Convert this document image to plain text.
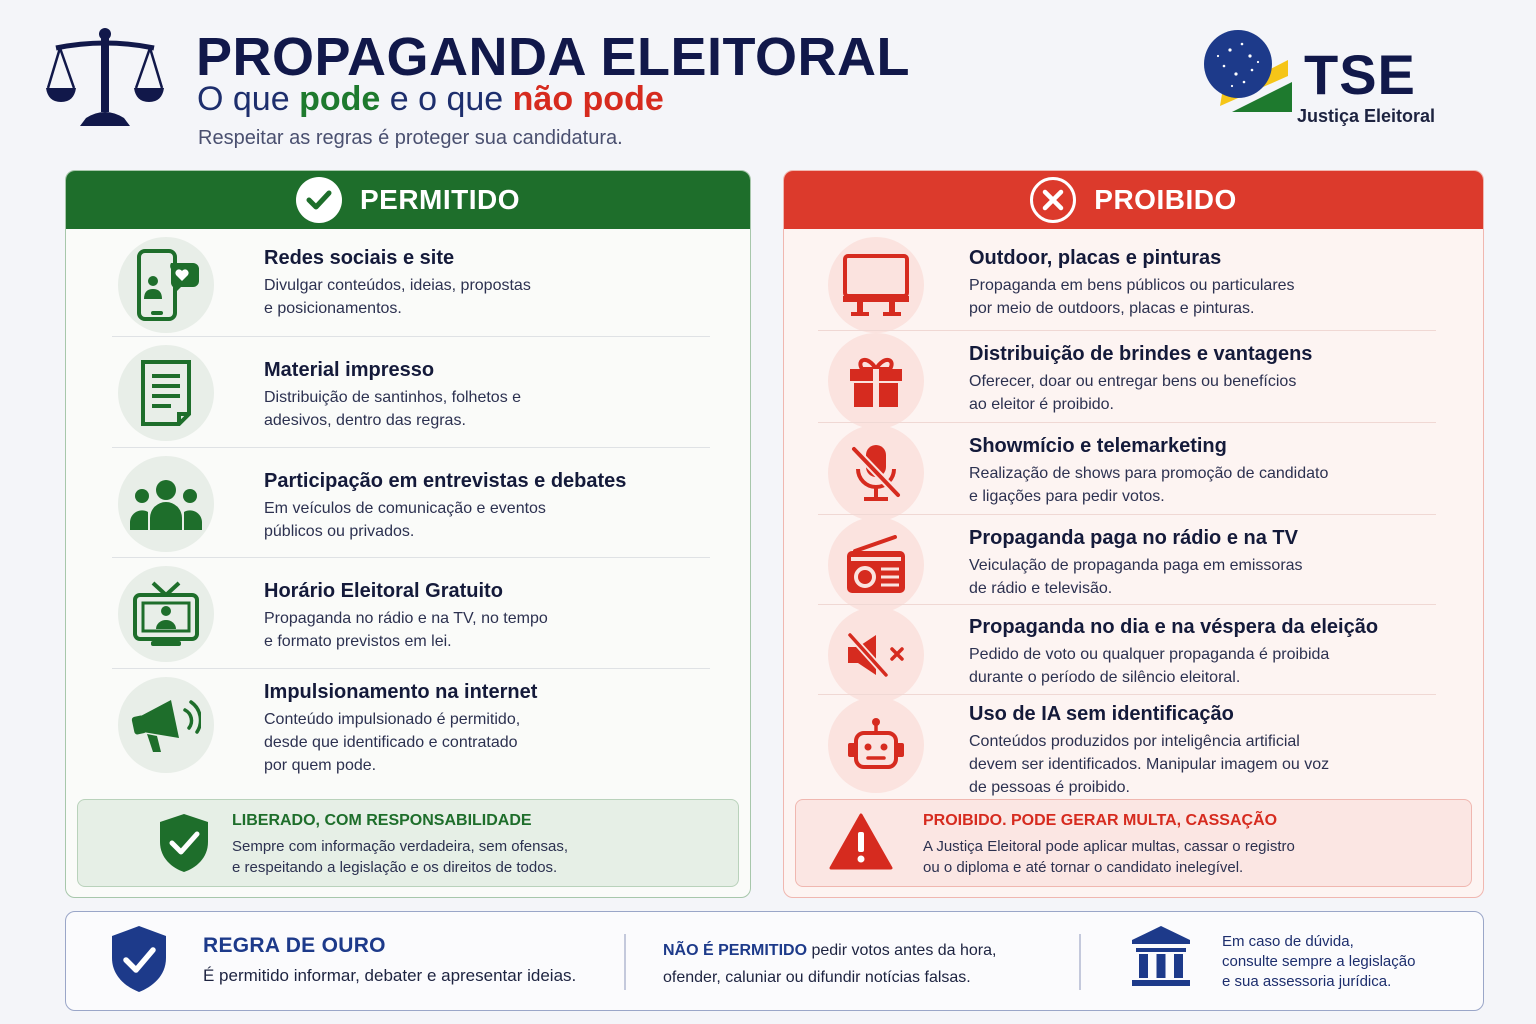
PROPAGANDA ELEITORAL
O que pode e o que não pode
Respeitar as regras é proteger sua candidatura.
TSE
Justiça Eleitoral
PERMITIDO
Redes sociais e site
Divulgar conteúdos, ideias, propostas
e posicionamentos.
Material impresso
Distribuição de santinhos, folhetos e
adesivos, dentro das regras.
Participação em entrevistas e debates
Em veículos de comunicação e eventos
públicos ou privados.
Horário Eleitoral Gratuito
Propaganda no rádio e na TV, no tempo
e formato previstos em lei.
Impulsionamento na internet
Conteúdo impulsionado é permitido,
desde que identificado e contratado
por quem pode.
LIBERADO, COM RESPONSABILIDADE
Sempre com informação verdadeira, sem ofensas,
e respeitando a legislação e os direitos de todos.
PROIBIDO
Outdoor, placas e pinturas
Propaganda em bens públicos ou particulares
por meio de outdoors, placas e pinturas.
Distribuição de brindes e vantagens
Oferecer, doar ou entregar bens ou benefícios
ao eleitor é proibido.
Showmício e telemarketing
Realização de shows para promoção de candidato
e ligações para pedir votos.
Propaganda paga no rádio e na TV
Veiculação de propaganda paga em emissoras
de rádio e televisão.
Propaganda no dia e na véspera da eleição
Pedido de voto ou qualquer propaganda é proibida
durante o período de silêncio eleitoral.
Uso de IA sem identificação
Conteúdos produzidos por inteligência artificial
devem ser identificados. Manipular imagem ou voz
de pessoas é proibido.
PROIBIDO. PODE GERAR MULTA, CASSAÇÃO
A Justiça Eleitoral pode aplicar multas, cassar o registro
ou o diploma e até tornar o candidato inelegível.
REGRA DE OURO
É permitido informar, debater e apresentar ideias.
NÃO É PERMITIDO pedir votos antes da hora,
ofender, caluniar ou difundir notícias falsas.
Em caso de dúvida,
consulte sempre a legislação
e sua assessoria jurídica.
